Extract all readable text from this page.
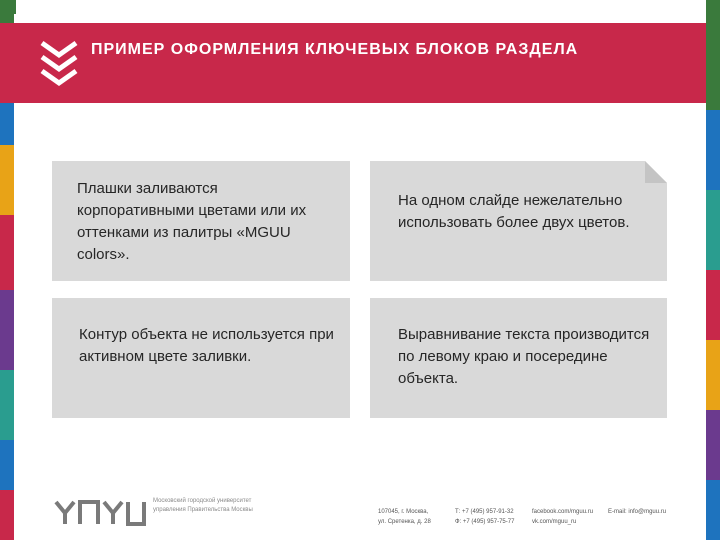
ПРИМЕР ОФОРМЛЕНИЯ КЛЮЧЕВЫХ БЛОКОВ РАЗДЕЛА
Плашки заливаются корпоративными цветами или их оттенками из палитры «MGUU colors».
На одном слайде нежелательно использовать более двух цветов.
Контур объекта не используется при активном цвете заливки.
Выравнивание текста производится по левому краю и посередине объекта.
Московский городской университет управления Правительства Москвы	107045, г. Москва,
ул. Сретенка, д. 28
Т: +7 (495) 957-91-32
Ф: +7 (495) 957-75-77
facebook.com/mguu.ru
vk.com/mguu_ru
E-mail: info@mguu.ru
